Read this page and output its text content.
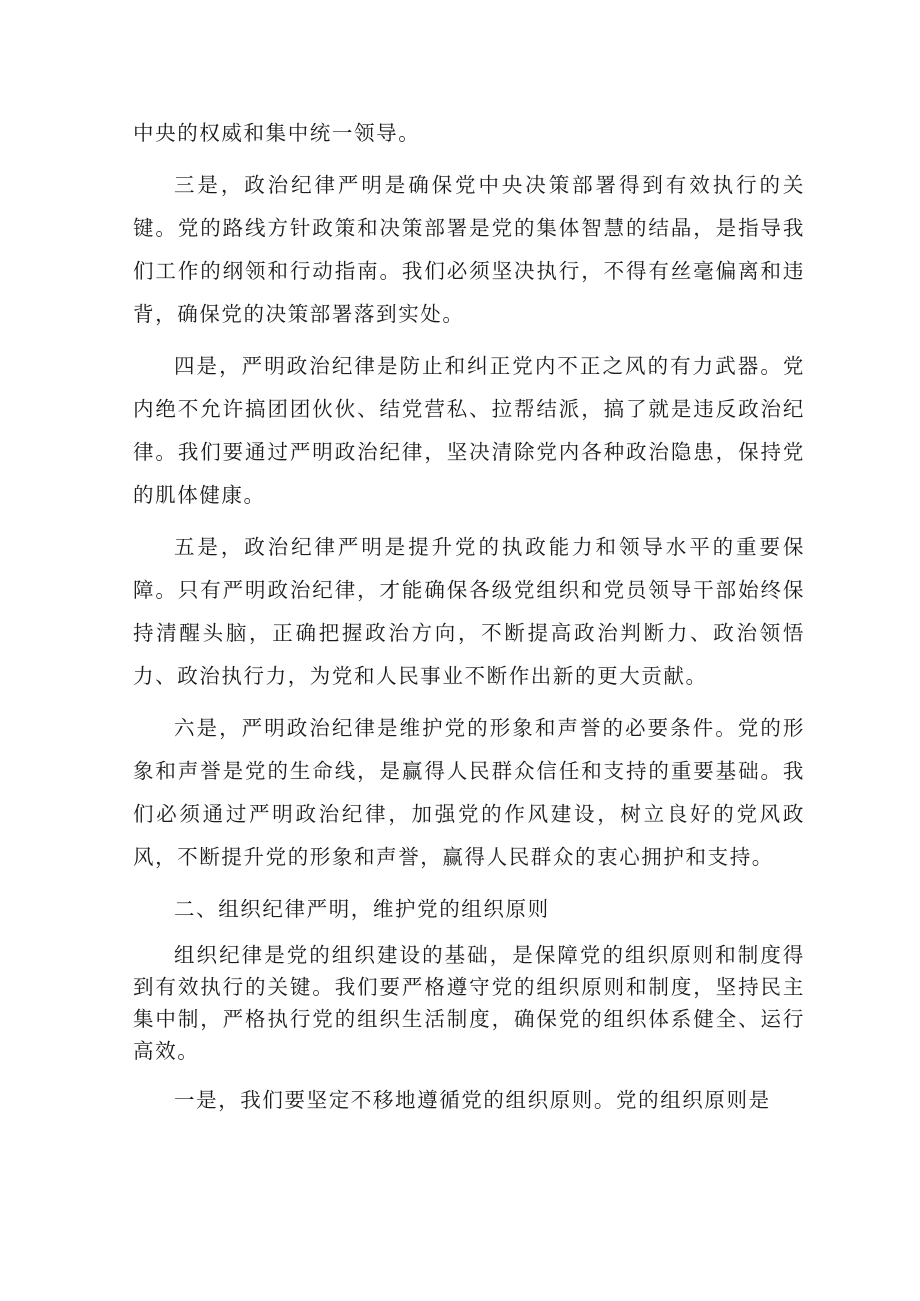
中央的权威和集中统一领导。

三是，政治纪律严明是确保党中央决策部署得到有效执行的关键。党的路线方针政策和决策部署是党的集体智慧的结晶，是指导我们工作的纲领和行动指南。我们必须坚决执行，不得有丝毫偏离和违背，确保党的决策部署落到实处。

四是，严明政治纪律是防止和纠正党内不正之风的有力武器。党内绝不允许搞团团伙伙、结党营私、拉帮结派，搞了就是违反政治纪律。我们要通过严明政治纪律，坚决清除党内各种政治隐患，保持党的肌体健康。

五是，政治纪律严明是提升党的执政能力和领导水平的重要保障。只有严明政治纪律，才能确保各级党组织和党员领导干部始终保持清醒头脑，正确把握政治方向，不断提高政治判断力、政治领悟力、政治执行力，为党和人民事业不断作出新的更大贡献。

六是，严明政治纪律是维护党的形象和声誉的必要条件。党的形象和声誉是党的生命线，是赢得人民群众信任和支持的重要基础。我们必须通过严明政治纪律，加强党的作风建设，树立良好的党风政风，不断提升党的形象和声誉，赢得人民群众的衷心拥护和支持。

二、组织纪律严明，维护党的组织原则

组织纪律是党的组织建设的基础，是保障党的组织原则和制度得到有效执行的关键。我们要严格遵守党的组织原则和制度，坚持民主集中制，严格执行党的组织生活制度，确保党的组织体系健全、运行高效。

一是，我们要坚定不移地遵循党的组织原则。党的组织原则是
